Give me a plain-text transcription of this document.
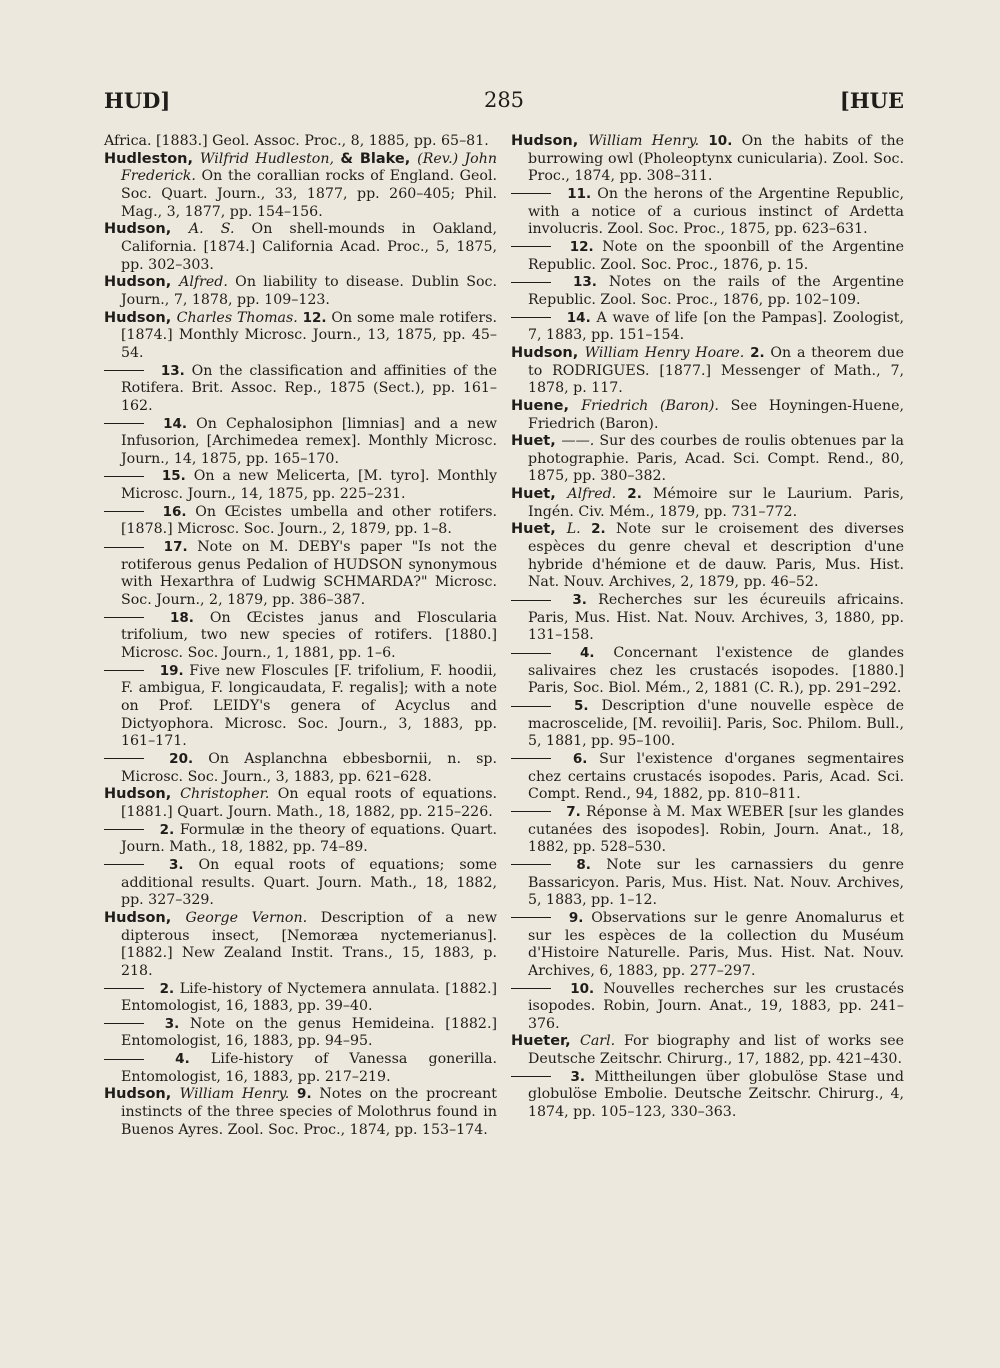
HUD]	285	[HUE

Africa. [1883.] Geol. Assoc. Proc., 8, 1885, pp. 65–81.

Hudleston, Wilfrid Hudleston, & Blake, (Rev.) John Frederick. On the corallian rocks of England. Geol. Soc. Quart. Journ., 33, 1877, pp. 260–405; Phil. Mag., 3, 1877, pp. 154–156.

Hudson, A. S. On shell-mounds in Oakland, California. [1874.] California Acad. Proc., 5, 1875, pp. 302–303.

Hudson, Alfred. On liability to disease. Dublin Soc. Journ., 7, 1878, pp. 109–123.

Hudson, Charles Thomas. 12. On some male rotifers. [1874.] Monthly Microsc. Journ., 13, 1875, pp. 45–54.

13. On the classification and affinities of the Rotifera. Brit. Assoc. Rep., 1875 (Sect.), pp. 161–162.

14. On Cephalosiphon [limnias] and a new Infusorion, [Archimedea remex]. Monthly Microsc. Journ., 14, 1875, pp. 165–170.

15. On a new Melicerta, [M. tyro]. Monthly Microsc. Journ., 14, 1875, pp. 225–231.

16. On Œcistes umbella and other rotifers. [1878.] Microsc. Soc. Journ., 2, 1879, pp. 1–8.

17. Note on M. DEBY's paper "Is not the rotiferous genus Pedalion of HUDSON synonymous with Hexarthra of Ludwig SCHMARDA?" Microsc. Soc. Journ., 2, 1879, pp. 386–387.

18. On Œcistes janus and Floscularia trifolium, two new species of rotifers. [1880.] Microsc. Soc. Journ., 1, 1881, pp. 1–6.

19. Five new Floscules [F. trifolium, F. hoodii, F. ambigua, F. longicaudata, F. regalis]; with a note on Prof. LEIDY's genera of Acyclus and Dictyophora. Microsc. Soc. Journ., 3, 1883, pp. 161–171.

20. On Asplanchna ebbesbornii, n. sp. Microsc. Soc. Journ., 3, 1883, pp. 621–628.

Hudson, Christopher. On equal roots of equations. [1881.] Quart. Journ. Math., 18, 1882, pp. 215–226.

2. Formulæ in the theory of equations. Quart. Journ. Math., 18, 1882, pp. 74–89.

3. On equal roots of equations; some additional results. Quart. Journ. Math., 18, 1882, pp. 327–329.

Hudson, George Vernon. Description of a new dipterous insect, [Nemoræa nyctemerianus]. [1882.] New Zealand Instit. Trans., 15, 1883, p. 218.

2. Life-history of Nyctemera annulata. [1882.] Entomologist, 16, 1883, pp. 39–40.

3. Note on the genus Hemideina. [1882.] Entomologist, 16, 1883, pp. 94–95.

4. Life-history of Vanessa gonerilla. Entomologist, 16, 1883, pp. 217–219.

Hudson, William Henry. 9. Notes on the procreant instincts of the three species of Molothrus found in Buenos Ayres. Zool. Soc. Proc., 1874, pp. 153–174.

Hudson, William Henry. 10. On the habits of the burrowing owl (Pholeoptynx cunicularia). Zool. Soc. Proc., 1874, pp. 308–311.

11. On the herons of the Argentine Republic, with a notice of a curious instinct of Ardetta involucris. Zool. Soc. Proc., 1875, pp. 623–631.

12. Note on the spoonbill of the Argentine Republic. Zool. Soc. Proc., 1876, p. 15.

13. Notes on the rails of the Argentine Republic. Zool. Soc. Proc., 1876, pp. 102–109.

14. A wave of life [on the Pampas]. Zoologist, 7, 1883, pp. 151–154.

Hudson, William Henry Hoare. 2. On a theorem due to RODRIGUES. [1877.] Messenger of Math., 7, 1878, p. 117.

Huene, Friedrich (Baron). See Hoyningen-Huene, Friedrich (Baron).

Huet, ——. Sur des courbes de roulis obtenues par la photographie. Paris, Acad. Sci. Compt. Rend., 80, 1875, pp. 380–382.

Huet, Alfred. 2. Mémoire sur le Laurium. Paris, Ingén. Civ. Mém., 1879, pp. 731–772.

Huet, L. 2. Note sur le croisement des diverses espèces du genre cheval et description d'une hybride d'hémione et de dauw. Paris, Mus. Hist. Nat. Nouv. Archives, 2, 1879, pp. 46–52.

3. Recherches sur les écureuils africains. Paris, Mus. Hist. Nat. Nouv. Archives, 3, 1880, pp. 131–158.

4. Concernant l'existence de glandes salivaires chez les crustacés isopodes. [1880.] Paris, Soc. Biol. Mém., 2, 1881 (C. R.), pp. 291–292.

5. Description d'une nouvelle espèce de macroscelide, [M. revoilii]. Paris, Soc. Philom. Bull., 5, 1881, pp. 95–100.

6. Sur l'existence d'organes segmentaires chez certains crustacés isopodes. Paris, Acad. Sci. Compt. Rend., 94, 1882, pp. 810–811.

7. Réponse à M. Max WEBER [sur les glandes cutanées des isopodes]. Robin, Journ. Anat., 18, 1882, pp. 528–530.

8. Note sur les carnassiers du genre Bassaricyon. Paris, Mus. Hist. Nat. Nouv. Archives, 5, 1883, pp. 1–12.

9. Observations sur le genre Anomalurus et sur les espèces de la collection du Muséum d'Histoire Naturelle. Paris, Mus. Hist. Nat. Nouv. Archives, 6, 1883, pp. 277–297.

10. Nouvelles recherches sur les crustacés isopodes. Robin, Journ. Anat., 19, 1883, pp. 241–376.

Hueter, Carl. For biography and list of works see Deutsche Zeitschr. Chirurg., 17, 1882, pp. 421–430.

3. Mittheilungen über globulöse Stase und globulöse Embolie. Deutsche Zeitschr. Chirurg., 4, 1874, pp. 105–123, 330–363.
